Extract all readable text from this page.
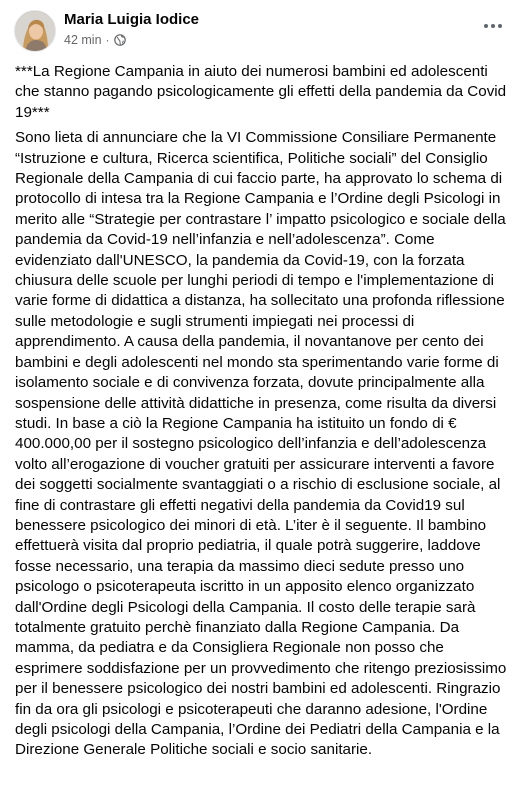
Maria Luigia Iodice
42 min ·

***La Regione Campania in aiuto dei numerosi bambini ed adolescenti che stanno pagando psicologicamente gli effetti della pandemia da Covid 19***

Sono lieta di annunciare che la VI Commissione Consiliare Permanente “Istruzione e cultura, Ricerca scientifica, Politiche sociali” del Consiglio Regionale della Campania di cui faccio parte, ha approvato lo schema di protocollo di intesa tra la Regione Campania e l’Ordine degli Psicologi in merito alle “Strategie per contrastare l’ impatto psicologico e sociale della pandemia da Covid-19 nell’infanzia e nell’adolescenza”. Come evidenziato dall'UNESCO, la pandemia da Covid-19, con la forzata chiusura delle scuole per lunghi periodi di tempo e l'implementazione di varie forme di didattica a distanza, ha sollecitato una profonda riflessione sulle metodologie e sugli strumenti impiegati nei processi di apprendimento. A causa della pandemia, il novantanove per cento dei bambini e degli adolescenti nel mondo sta sperimentando varie forme di isolamento sociale e di convivenza forzata, dovute principalmente alla sospensione delle attività didattiche in presenza, come risulta da diversi studi. In base a ciò la Regione Campania ha istituito un fondo di € 400.000,00 per il sostegno psicologico dell’infanzia e dell’adolescenza volto all’erogazione di voucher gratuiti per assicurare interventi a favore dei soggetti socialmente svantaggiati o a rischio di esclusione sociale, al fine di contrastare gli effetti negativi della pandemia da Covid19 sul benessere psicologico dei minori di età. L’iter è il seguente. Il bambino effettuerà visita dal proprio pediatria, il quale potrà suggerire, laddove fosse necessario, una terapia da massimo dieci sedute presso uno psicologo o psicoterapeuta iscritto in un apposito elenco organizzato dall'Ordine degli Psicologi della Campania. Il costo delle terapie sarà totalmente gratuito perchè finanziato dalla Regione Campania. Da mamma, da pediatra e da Consigliera Regionale non posso che esprimere soddisfazione per un provvedimento che ritengo preziosissimo per il benessere psicologico dei nostri bambini ed adolescenti. Ringrazio fin da ora gli psicologi e psicoterapeuti che daranno adesione, l'Ordine degli psicologi della Campania, l’Ordine dei Pediatri della Campania e la Direzione Generale Politiche sociali e socio sanitarie.
